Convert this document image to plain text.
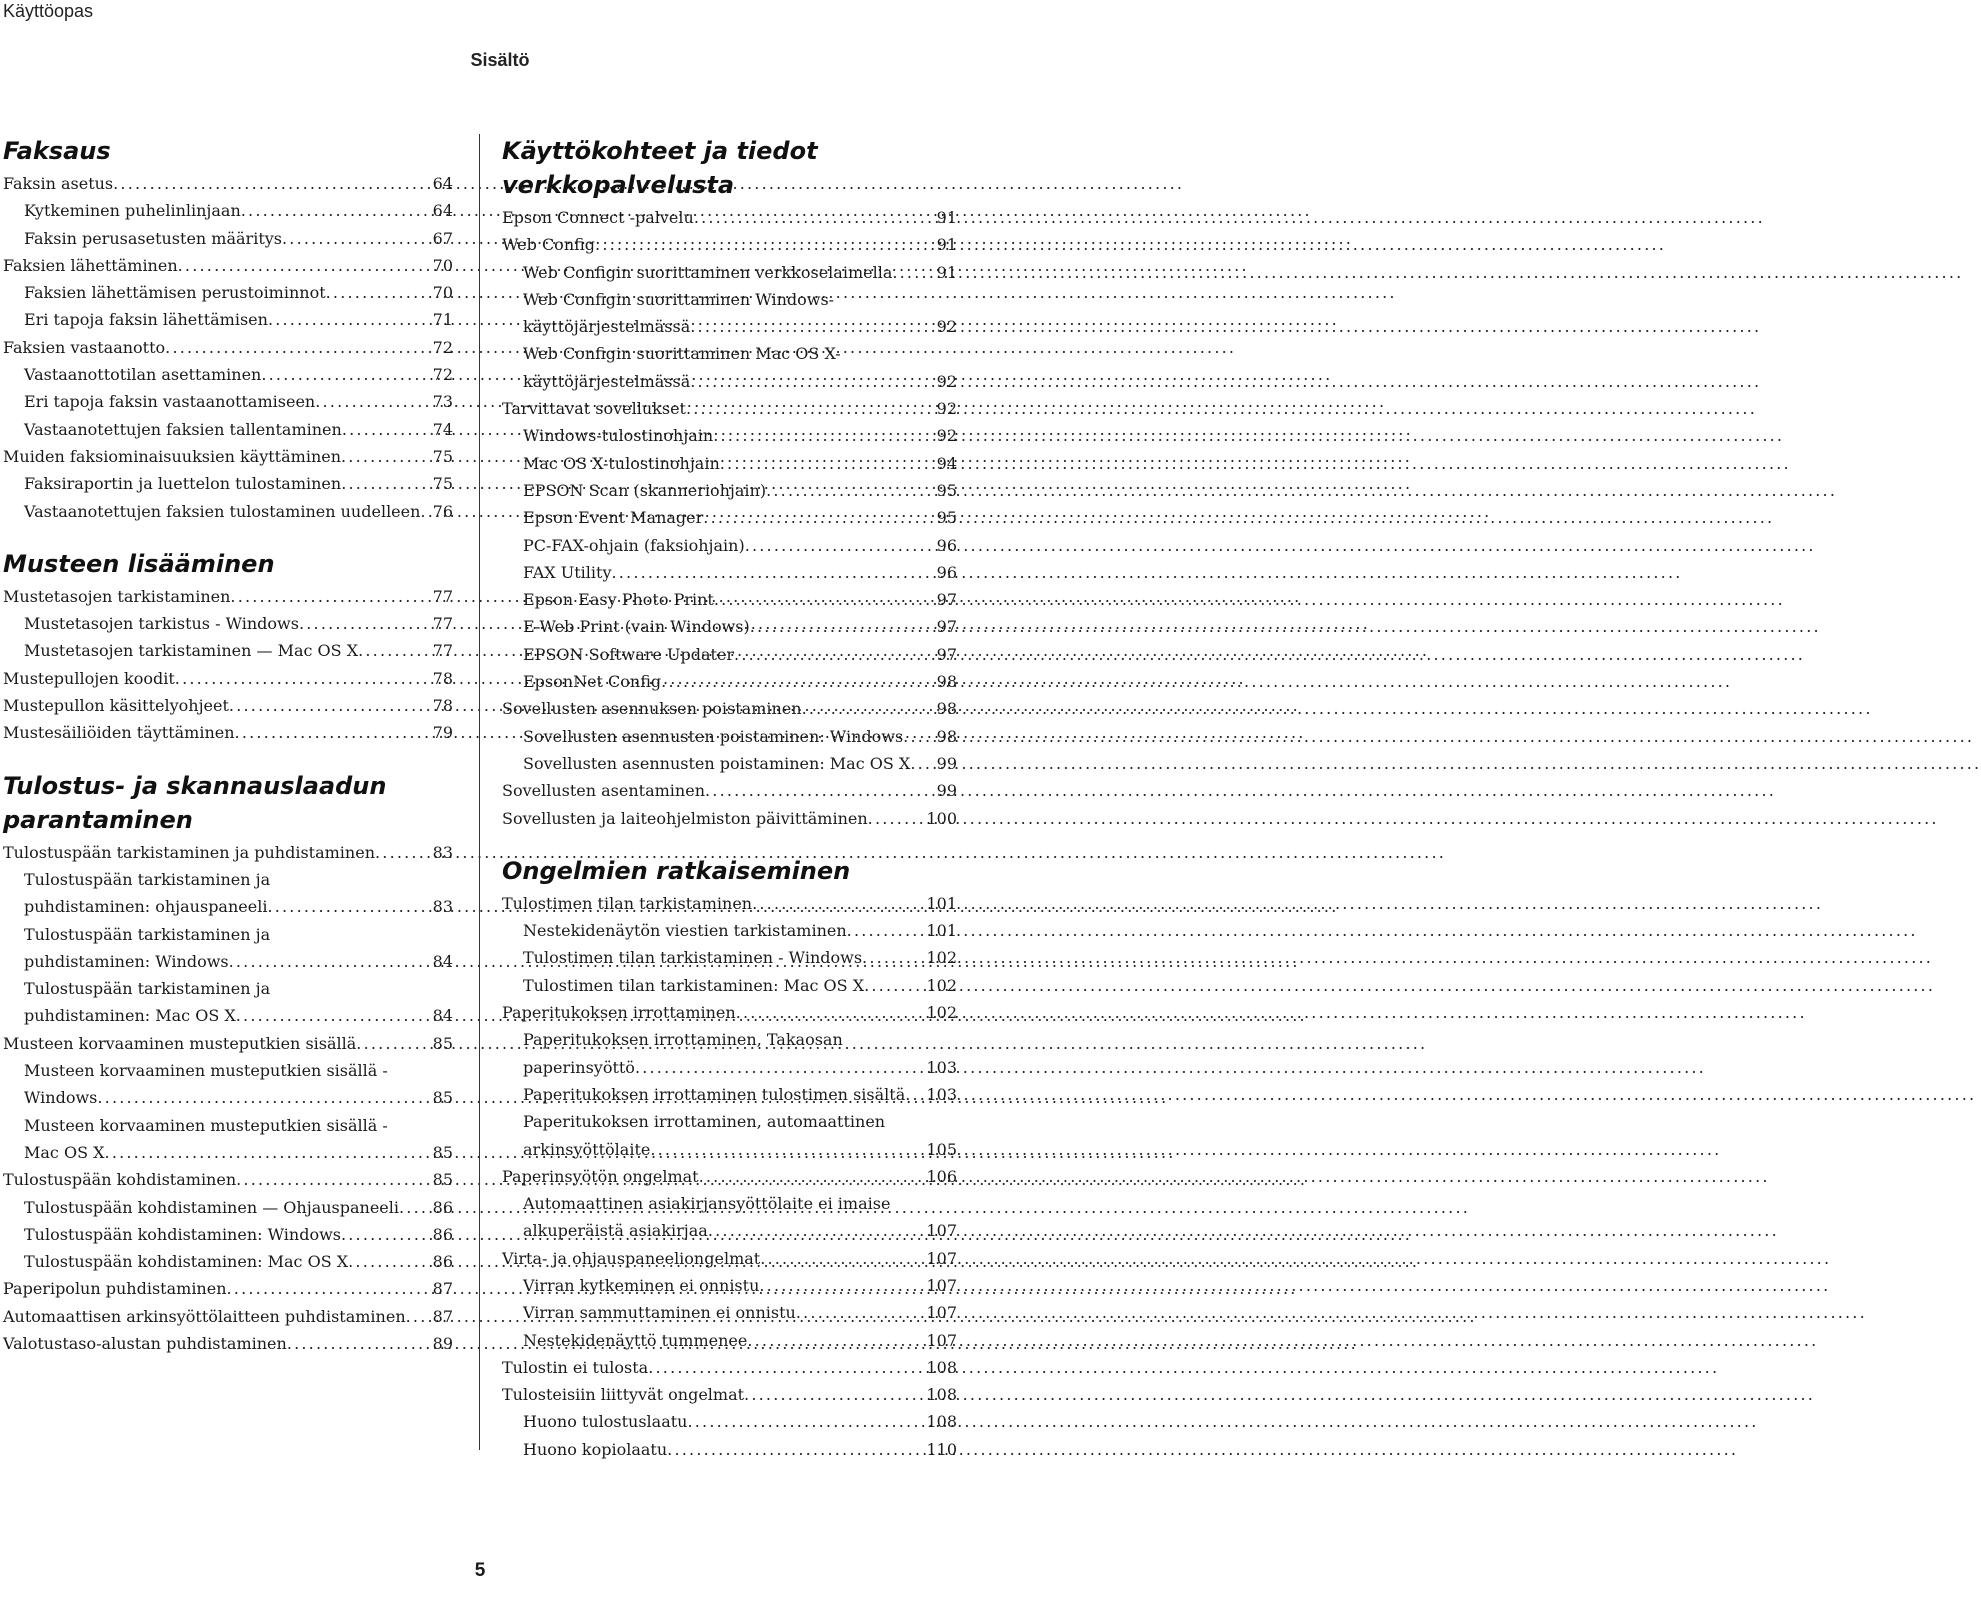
Käyttöopas
Sisältö
Faksaus
Faksin asetus .....	64
Kytkeminen puhelinlinjaan .....	64
Faksin perusasetusten määritys .....	67
Faksien lähettäminen .....	70
Faksien lähettämisen perustoiminnot .....	70
Eri tapoja faksin lähettämisen .....	71
Faksien vastaanotto .....	72
Vastaanottotilan asettaminen .....	72
Eri tapoja faksin vastaanottamiseen .....	73
Vastaanotettujen faksien tallentaminen .....	74
Muiden faksiominaisuuksien käyttäminen .....	75
Faksiraportin ja luettelon tulostaminen .....	75
Vastaanotettujen faksien tulostaminen uudelleen ..... 76
Musteen lisääminen
Mustetasojen tarkistaminen .....	77
Mustetasojen tarkistus - Windows .....	77
Mustetasojen tarkistaminen — Mac OS X .....	77
Mustepullojen koodit .....	78
Mustepullon käsittelyohjeet .....	78
Mustesäiliöiden täyttäminen .....	79
Tulostus- ja skannauslaadun parantaminen
Tulostuspään tarkistaminen ja puhdistaminen .....	83
Tulostuspään tarkistaminen ja
puhdistaminen: ohjauspaneeli .....	83
Tulostuspään tarkistaminen ja
puhdistaminen: Windows .....	84
Tulostuspään tarkistaminen ja
puhdistaminen: Mac OS X .....	84
Musteen korvaaminen musteputkien sisällä .....	85
Musteen korvaaminen musteputkien sisällä -
Windows .....	85
Musteen korvaaminen musteputkien sisällä -
Mac OS X .....	85
Tulostuspään kohdistaminen .....	85
Tulostuspään kohdistaminen — Ohjauspaneeli ..... 86
Tulostuspään kohdistaminen: Windows .....	86
Tulostuspään kohdistaminen: Mac OS X .....	86
Paperipolun puhdistaminen .....	87
Automaattisen arkinsyöttölaitteen puhdistaminen ..... 87
Valotustaso-alustan puhdistaminen .....	89
Käyttökohteet ja tiedot verkkopalvelusta
Epson Connect -palvelu .....	91
Web Config .....	91
Web Configin suorittaminen verkkoselaimella .....	91
Web Configin suorittaminen Windows-
käyttöjärjestelmässä .....	92
Web Configin suorittaminen Mac OS X-
käyttöjärjestelmässä .....	92
Tarvittavat sovellukset .....	92
Windows-tulostinohjain .....	92
Mac OS X-tulostinohjain .....	94
EPSON Scan (skanneriohjain) .....	95
Epson Event Manager .....	95
PC-FAX-ohjain (faksiohjain) .....	96
FAX Utility .....	96
Epson Easy Photo Print .....	97
E-Web Print (vain Windows) .....	97
EPSON Software Updater .....	97
EpsonNet Config .....	98
Sovellusten asennuksen poistaminen .....	98
Sovellusten asennusten poistaminen: Windows ..... 98
Sovellusten asennusten poistaminen: Mac OS X ..... 99
Sovellusten asentaminen .....	99
Sovellusten ja laiteohjelmiston päivittäminen .....	100
Ongelmien ratkaiseminen
Tulostimen tilan tarkistaminen .....	101
Nestekidenäytön viestien tarkistaminen .....	101
Tulostimen tilan tarkistaminen - Windows .....	102
Tulostimen tilan tarkistaminen: Mac OS X .....	102
Paperitukoksen irrottaminen .....	102
Paperitukoksen irrottaminen, Takaosan
paperinsyöttö .....	103
Paperitukoksen irrottaminen tulostimen sisältä ..... 103
Paperitukoksen irrottaminen, automaattinen
arkinsyöttölaite .....	105
Paperinsyötön ongelmat .....	106
Automaattinen asiakirjansyöttölaite ei imaise
alkuperäistä asiakirjaa .....	107
Virta- ja ohjauspaneeliongelmat .....	107
Virran kytkeminen ei onnistu .....	107
Virran sammuttaminen ei onnistu .....	107
Nestekidenäyttö tummenee .....	107
Tulostin ei tulosta .....	108
Tulosteisiin liittyvät ongelmat .....	108
Huono tulostuslaatu .....	108
Huono kopiolaatu .....	110
5
